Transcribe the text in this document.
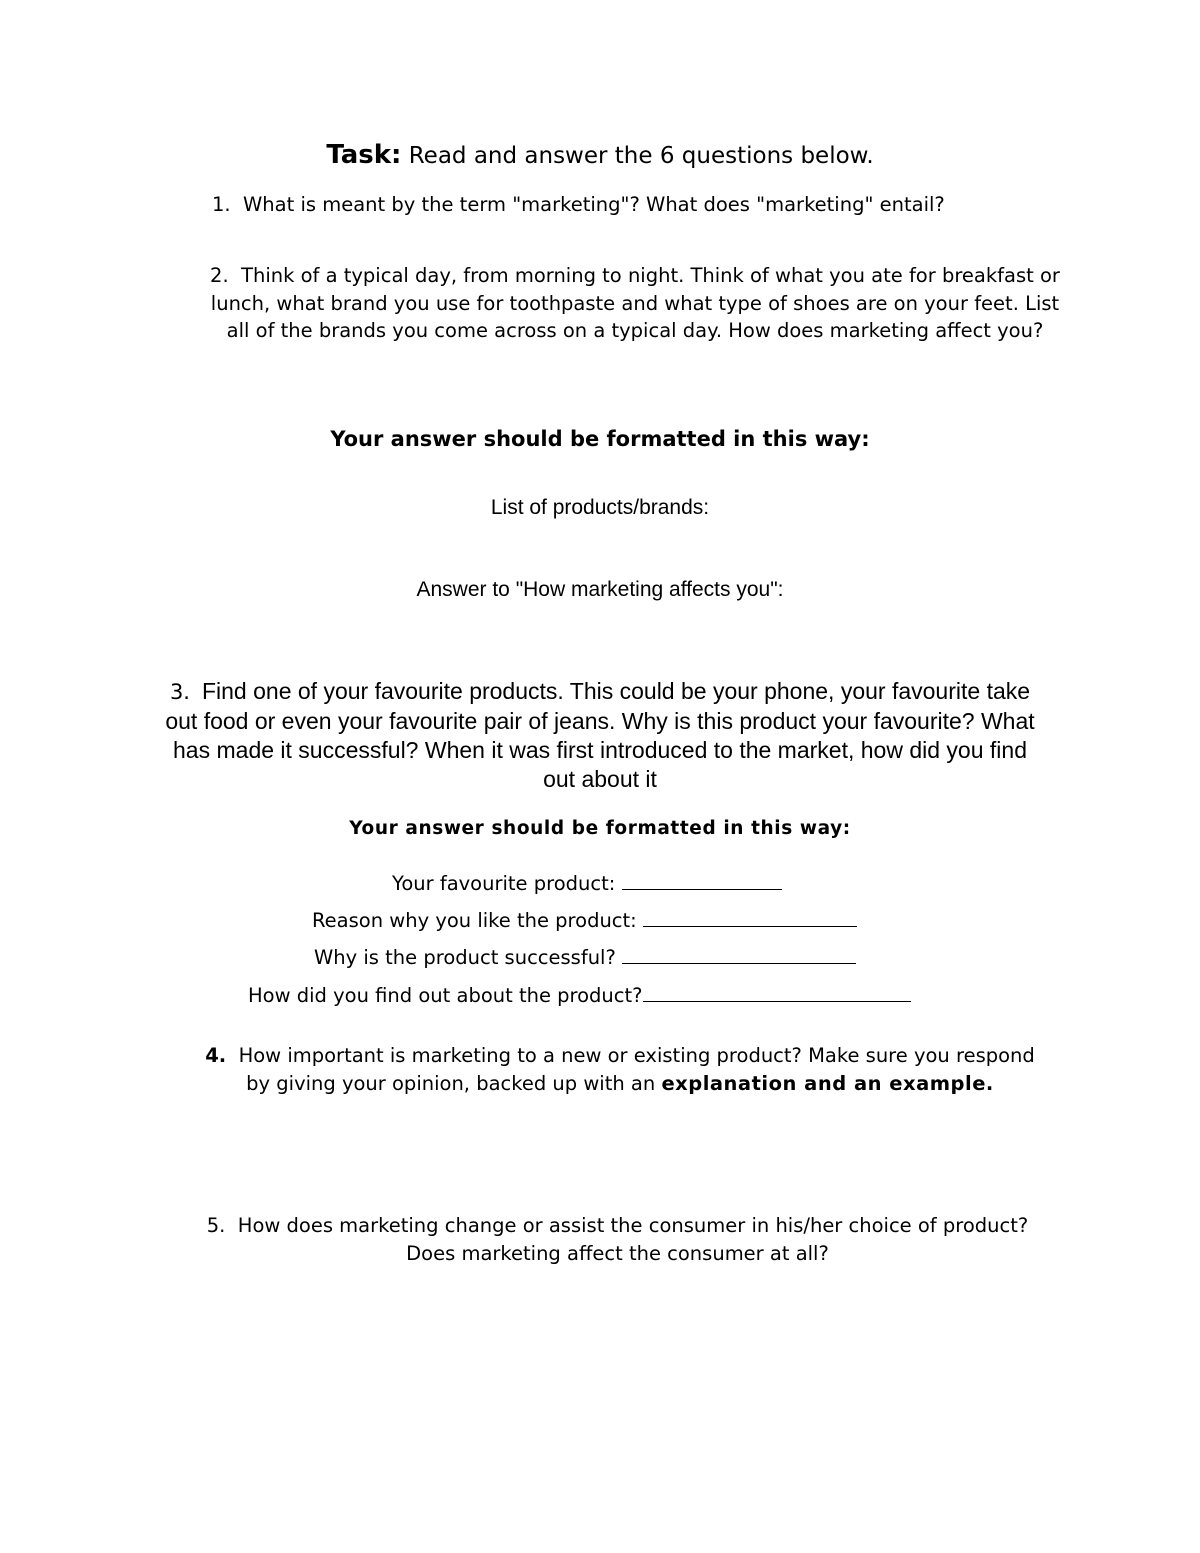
Task: Read and answer the 6 questions below.
1. What is meant by the term "marketing"? What does "marketing" entail?
2. Think of a typical day, from morning to night. Think of what you ate for breakfast or lunch, what brand you use for toothpaste and what type of shoes are on your feet. List all of the brands you come across on a typical day. How does marketing affect you?
Your answer should be formatted in this way:
List of products/brands:
Answer to "How marketing affects you":
3. Find one of your favourite products. This could be your phone, your favourite take out food or even your favourite pair of jeans. Why is this product your favourite? What has made it successful? When it was first introduced to the market, how did you find out about it
Your answer should be formatted in this way:
Your favourite product:
Reason why you like the product:
Why is the product successful?
How did you find out about the product?
4. How important is marketing to a new or existing product? Make sure you respond by giving your opinion, backed up with an explanation and an example.
5. How does marketing change or assist the consumer in his/her choice of product? Does marketing affect the consumer at all?
